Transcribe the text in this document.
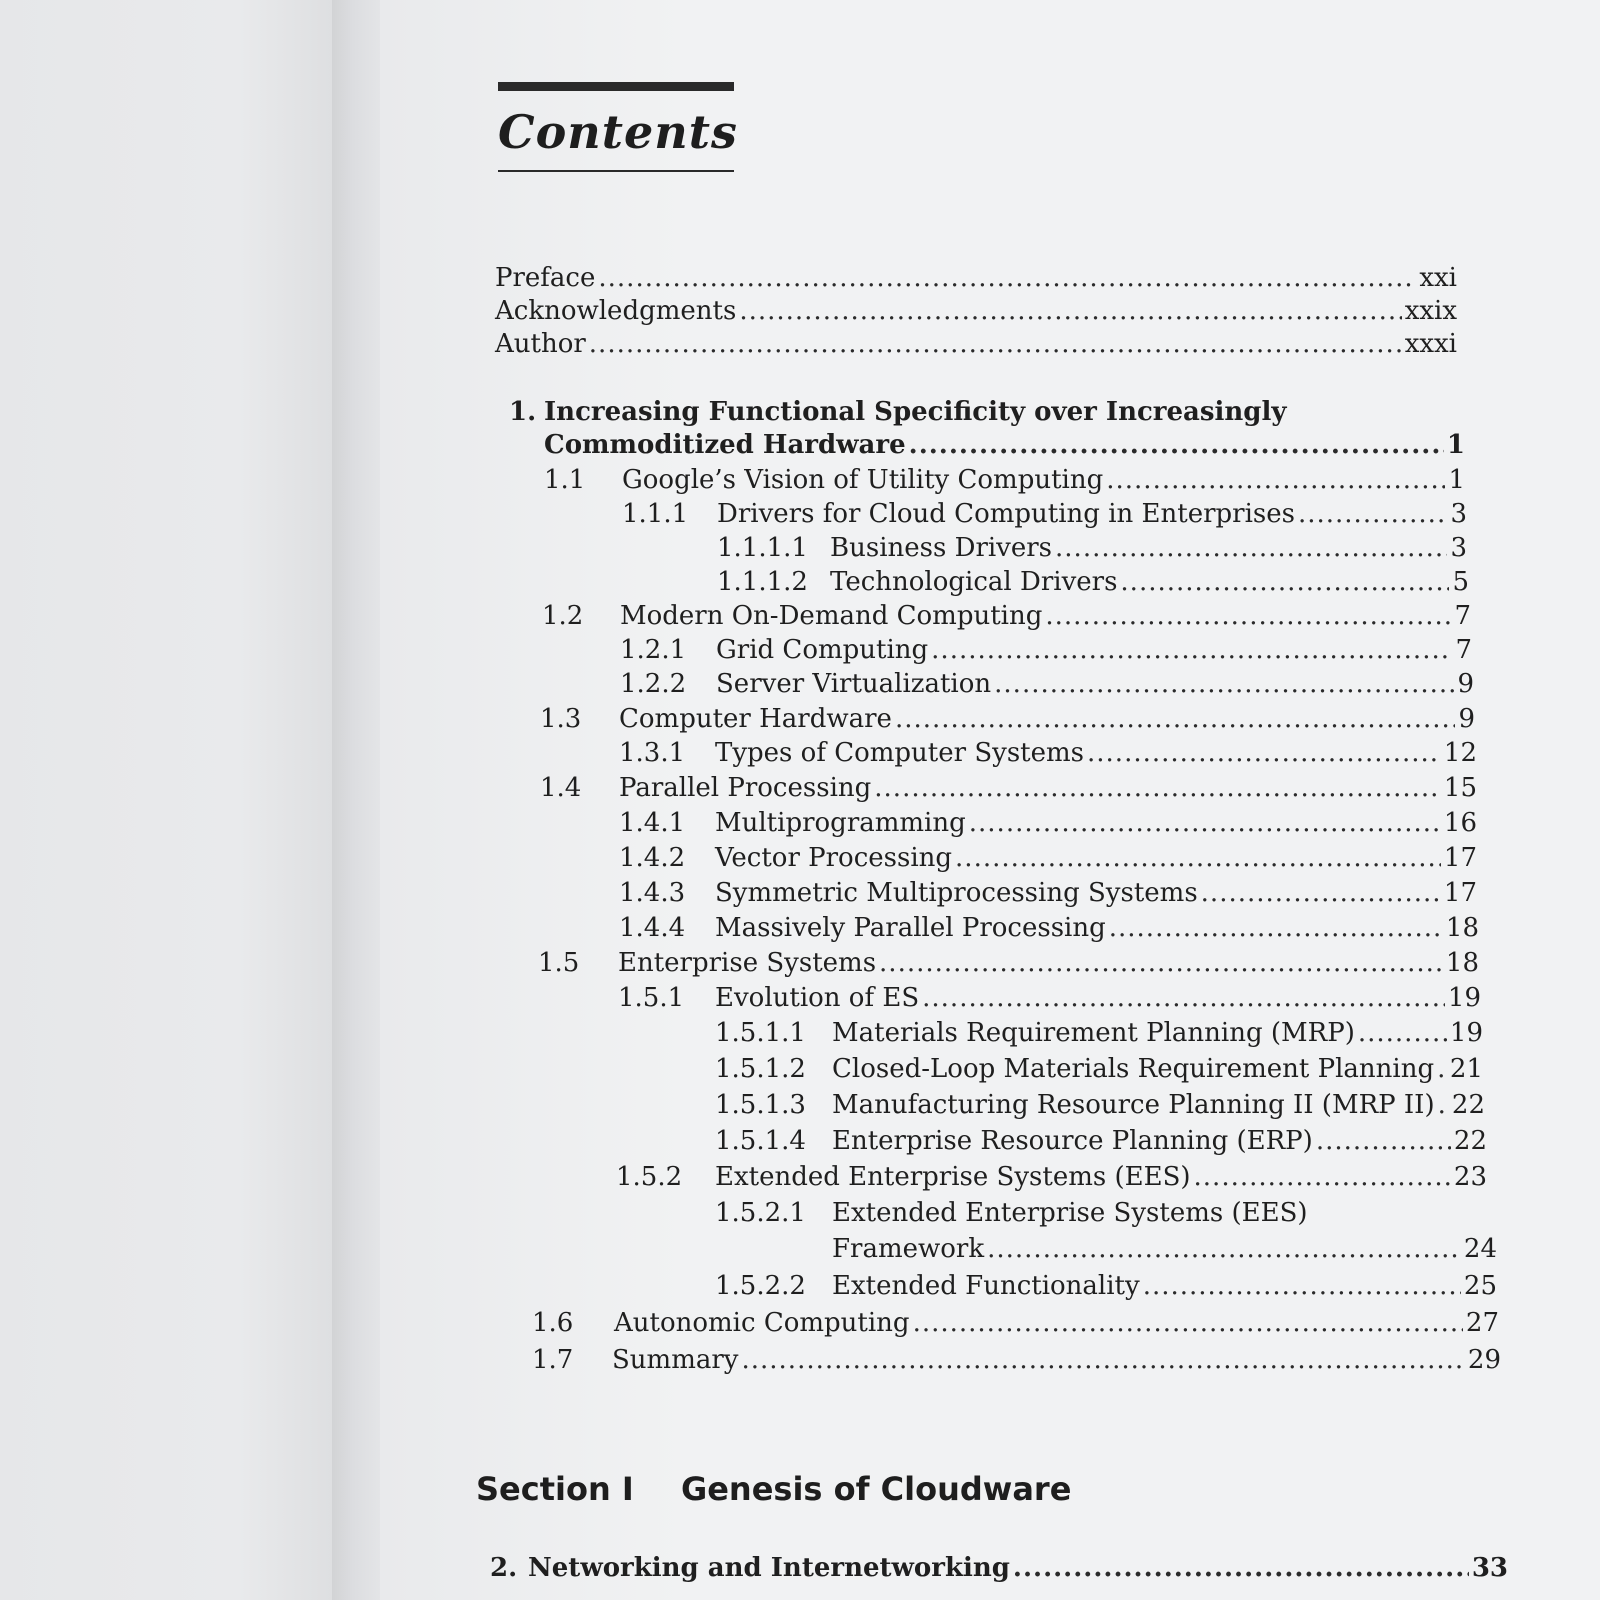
Contents
Preface .....	xxi
Acknowledgments .....	xxix
Author .....	xxxi
1. Increasing Functional Specificity over Increasingly
Commoditized Hardware .....	1
1.1 Google’s Vision of Utility Computing .....	1
1.1.1 Drivers for Cloud Computing in Enterprises .....	3
1.1.1.1 Business Drivers .....	3
1.1.1.2 Technological Drivers .....	5
1.2 Modern On-Demand Computing .....	7
1.2.1 Grid Computing .....	7
1.2.2 Server Virtualization .....	9
1.3 Computer Hardware .....	9
1.3.1 Types of Computer Systems .....	12
1.4 Parallel Processing .....	15
1.4.1 Multiprogramming .....	16
1.4.2 Vector Processing .....	17
1.4.3 Symmetric Multiprocessing Systems .....	17
1.4.4 Massively Parallel Processing .....	18
1.5 Enterprise Systems .....	18
1.5.1 Evolution of ES .....	19
1.5.1.1 Materials Requirement Planning (MRP) .....	19
1.5.1.2 Closed-Loop Materials Requirement Planning ..... 21
1.5.1.3 Manufacturing Resource Planning II (MRP II) ..... 22
1.5.1.4 Enterprise Resource Planning (ERP) .....	22
1.5.2 Extended Enterprise Systems (EES) .....	23
1.5.2.1 Extended Enterprise Systems (EES)
Framework .....	24
1.5.2.2 Extended Functionality .....	25
1.6 Autonomic Computing .....	27
1.7 Summary .....	29
Section I Genesis of Cloudware
2. Networking and Internetworking .....	33
